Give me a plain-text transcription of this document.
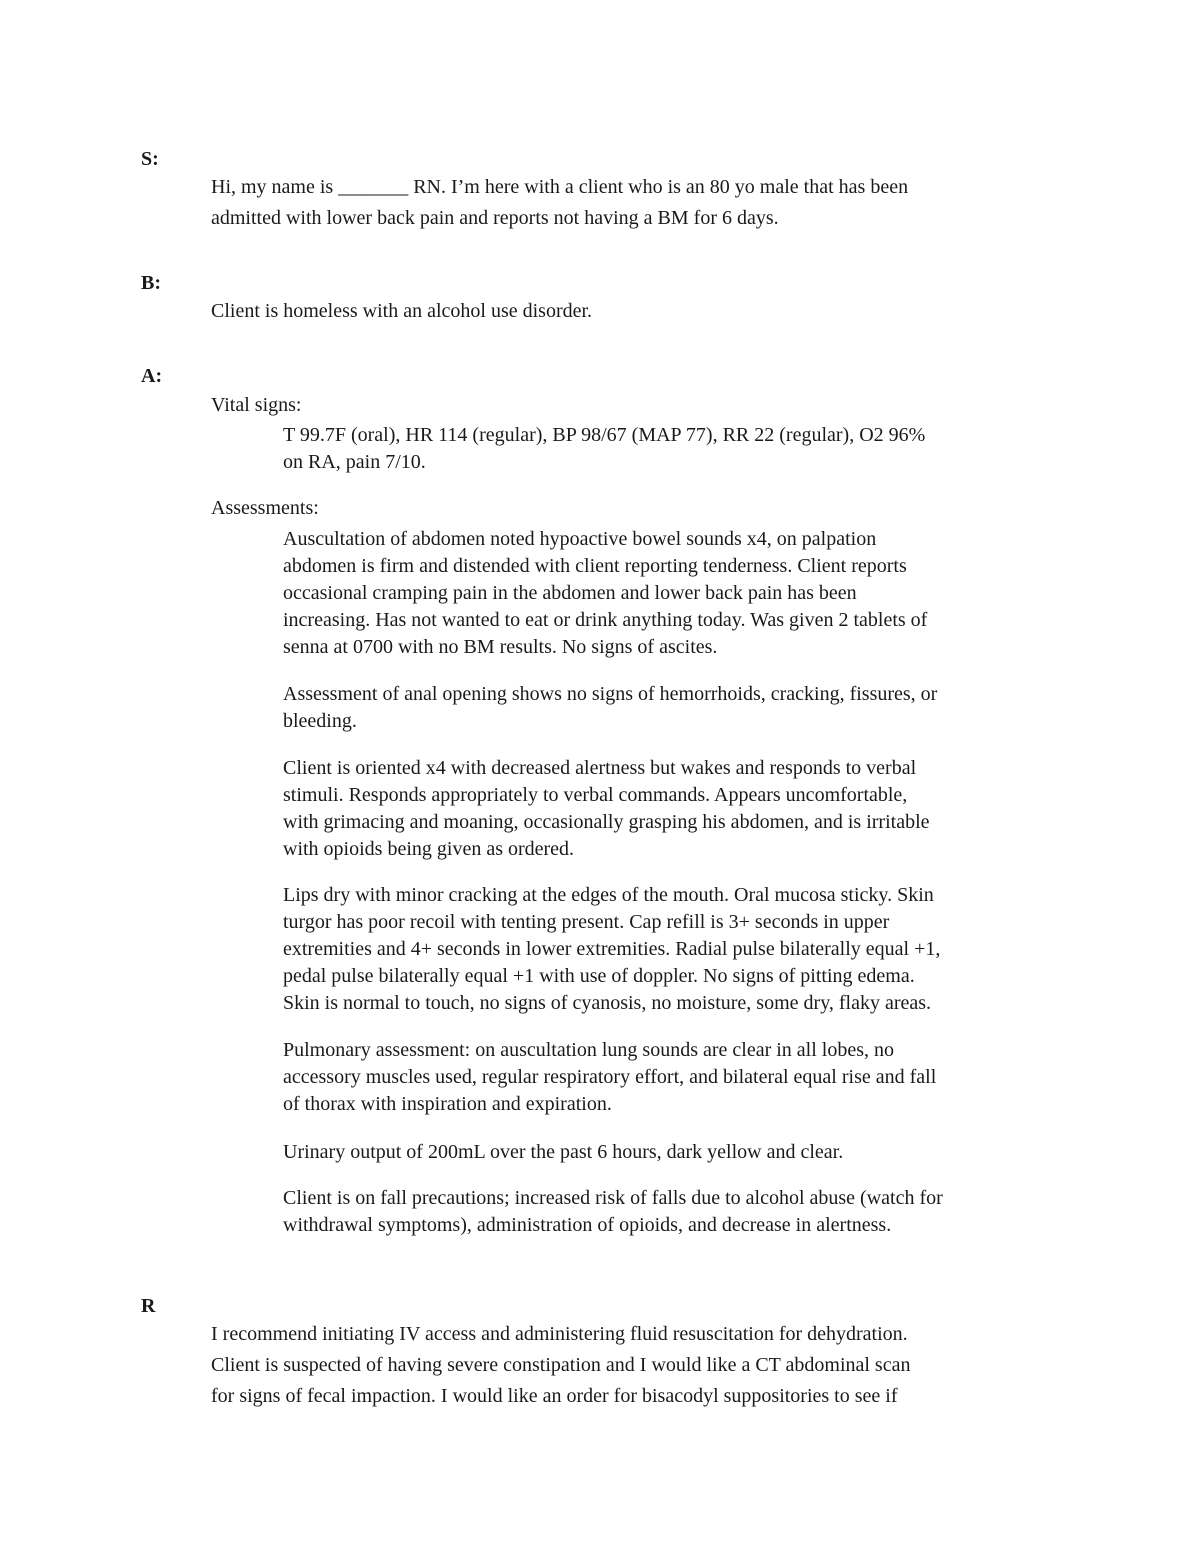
S:
Hi, my name is _______ RN. I’m here with a client who is an 80 yo male that has been
admitted with lower back pain and reports not having a BM for 6 days.
B:
Client is homeless with an alcohol use disorder.
A:
Vital signs:
T 99.7F (oral), HR 114 (regular), BP 98/67 (MAP 77), RR 22 (regular), O2 96%
on RA, pain 7/10.
Assessments:
Auscultation of abdomen noted hypoactive bowel sounds x4, on palpation
abdomen is firm and distended with client reporting tenderness. Client reports
occasional cramping pain in the abdomen and lower back pain has been
increasing. Has not wanted to eat or drink anything today. Was given 2 tablets of
senna at 0700 with no BM results. No signs of ascites.
Assessment of anal opening shows no signs of hemorrhoids, cracking, fissures, or
bleeding.
Client is oriented x4 with decreased alertness but wakes and responds to verbal
stimuli. Responds appropriately to verbal commands. Appears uncomfortable,
with grimacing and moaning, occasionally grasping his abdomen, and is irritable
with opioids being given as ordered.
Lips dry with minor cracking at the edges of the mouth. Oral mucosa sticky. Skin
turgor has poor recoil with tenting present. Cap refill is 3+ seconds in upper
extremities and 4+ seconds in lower extremities. Radial pulse bilaterally equal +1,
pedal pulse bilaterally equal +1 with use of doppler. No signs of pitting edema.
Skin is normal to touch, no signs of cyanosis, no moisture, some dry, flaky areas.
Pulmonary assessment: on auscultation lung sounds are clear in all lobes, no
accessory muscles used, regular respiratory effort, and bilateral equal rise and fall
of thorax with inspiration and expiration.
Urinary output of 200mL over the past 6 hours, dark yellow and clear.
Client is on fall precautions; increased risk of falls due to alcohol abuse (watch for
withdrawal symptoms), administration of opioids, and decrease in alertness.
R
I recommend initiating IV access and administering fluid resuscitation for dehydration.
Client is suspected of having severe constipation and I would like a CT abdominal scan
for signs of fecal impaction. I would like an order for bisacodyl suppositories to see if
